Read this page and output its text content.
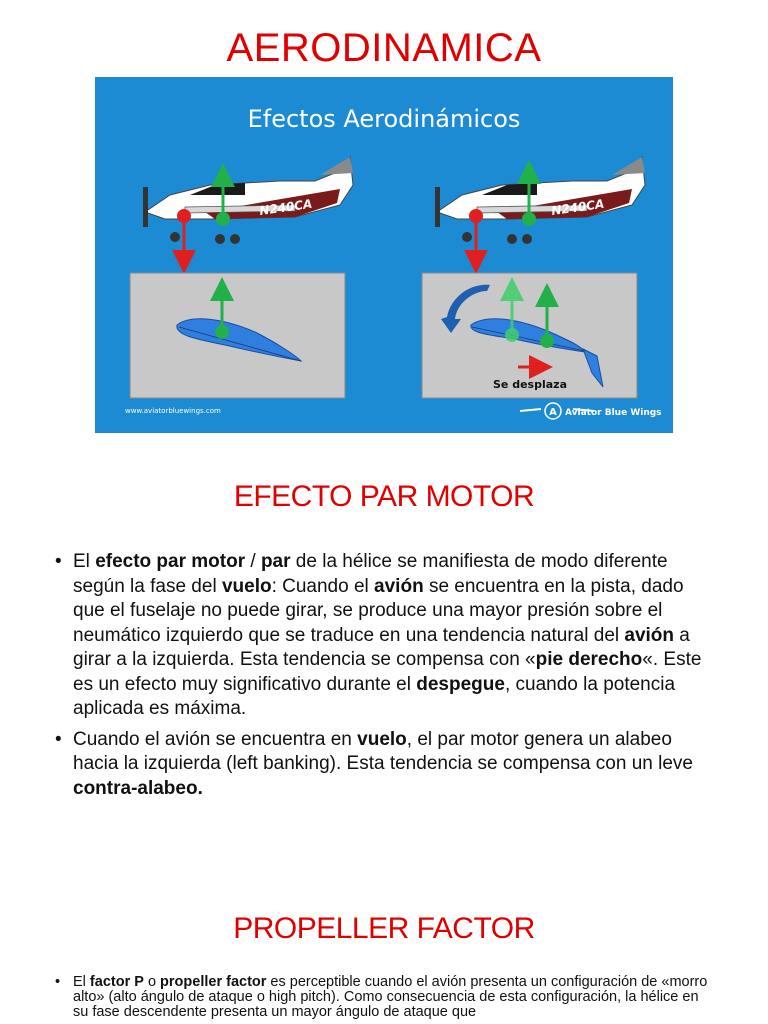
AERODINAMICA
Efectos Aerodinámicos
N240CA	N240CA
Se desplaza
www.aviatorbluewings.com	A Aviator Blue Wings
EFECTO PAR MOTOR
• El efecto par motor / par de la hélice se manifiesta de modo diferente según la fase del vuelo: Cuando el avión se encuentra en la pista, dado que el fuselaje no puede girar, se produce una mayor presión sobre el neumático izquierdo que se traduce en una tendencia natural del avión a girar a la izquierda. Esta tendencia se compensa con «pie derecho«. Este es un efecto muy significativo durante el despegue, cuando la potencia aplicada es máxima.
• Cuando el avión se encuentra en vuelo, el par motor genera un alabeo hacia la izquierda (left banking). Esta tendencia se compensa con un leve contra-alabeo.
PROPELLER FACTOR
• El factor P o propeller factor es perceptible cuando el avión presenta un configuración de «morro alto» (alto ángulo de ataque o high pitch). Como consecuencia de esta configuración, la hélice en su fase descendente presenta un mayor ángulo de ataque que
